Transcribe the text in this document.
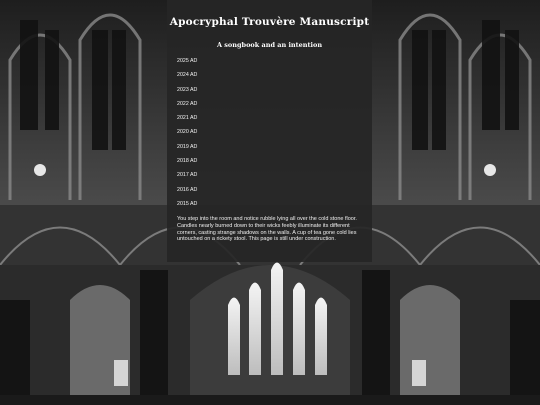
Apocryphal Trouvère Manuscript
A songbook and an intention
2025 AD
2024 AD
2023 AD
2022 AD
2021 AD
2020 AD
2019 AD
2018 AD
2017 AD
2016 AD
2015 AD

You step into the room and notice rubble lying all over the cold stone floor. Candles nearly burned down to their wicks feebly illuminate its different corners, casting strange shadows on the walls. A cup of tea gone cold lies untouched on a rickety stool. This page is still under construction.
